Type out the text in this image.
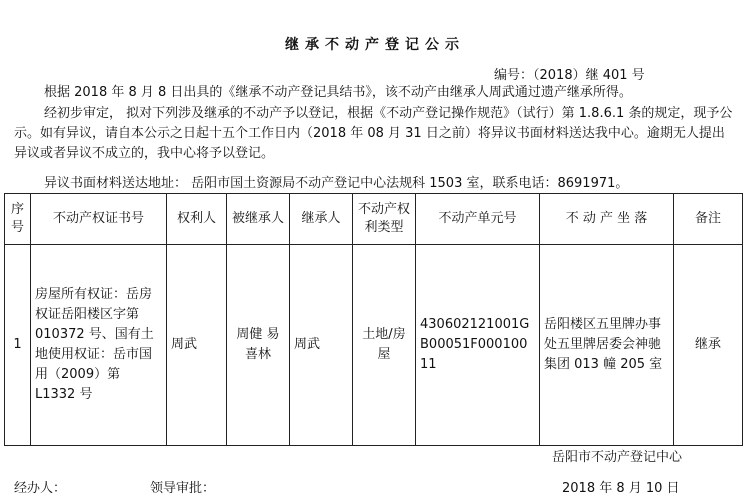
继承不动产登记公示
编号：（2018）继 401 号
根据 2018 年 8 月 8 日出具的《继承不动产登记具结书》，该不动产由继承人周武通过遗产继承所得。
经初步审定， 拟对下列涉及继承的不动产予以登记，根据《不动产登记操作规范》（试行）第 1.8.6.1 条的规定，现予公示。如有异议，请自本公示之日起十五个工作日内（2018 年 08 月 31 日之前）将异议书面材料送达我中心。逾期无人提出异议或者异议不成立的，我中心将予以登记。
异议书面材料送达地址： 岳阳市国土资源局不动产登记中心法规科 1503 室，联系电话：8691971。
序号	不动产权证书号	权利人	被继承人	继承人	不动产权利类型	不动产单元号	不 动 产 坐 落	备注
1	房屋所有权证：岳房权证岳阳楼区字第 010372 号、国有土地使用权证：岳市国用（2009）第 L1332 号	周武	周健 易喜林	周武	土地/房屋	430602121001GB00051F00010011	岳阳楼区五里牌办事处五里牌居委会神驰集团 013 幢 205 室	继承
岳阳市不动产登记中心
经办人：	领导审批：	2018 年 8 月 10 日
